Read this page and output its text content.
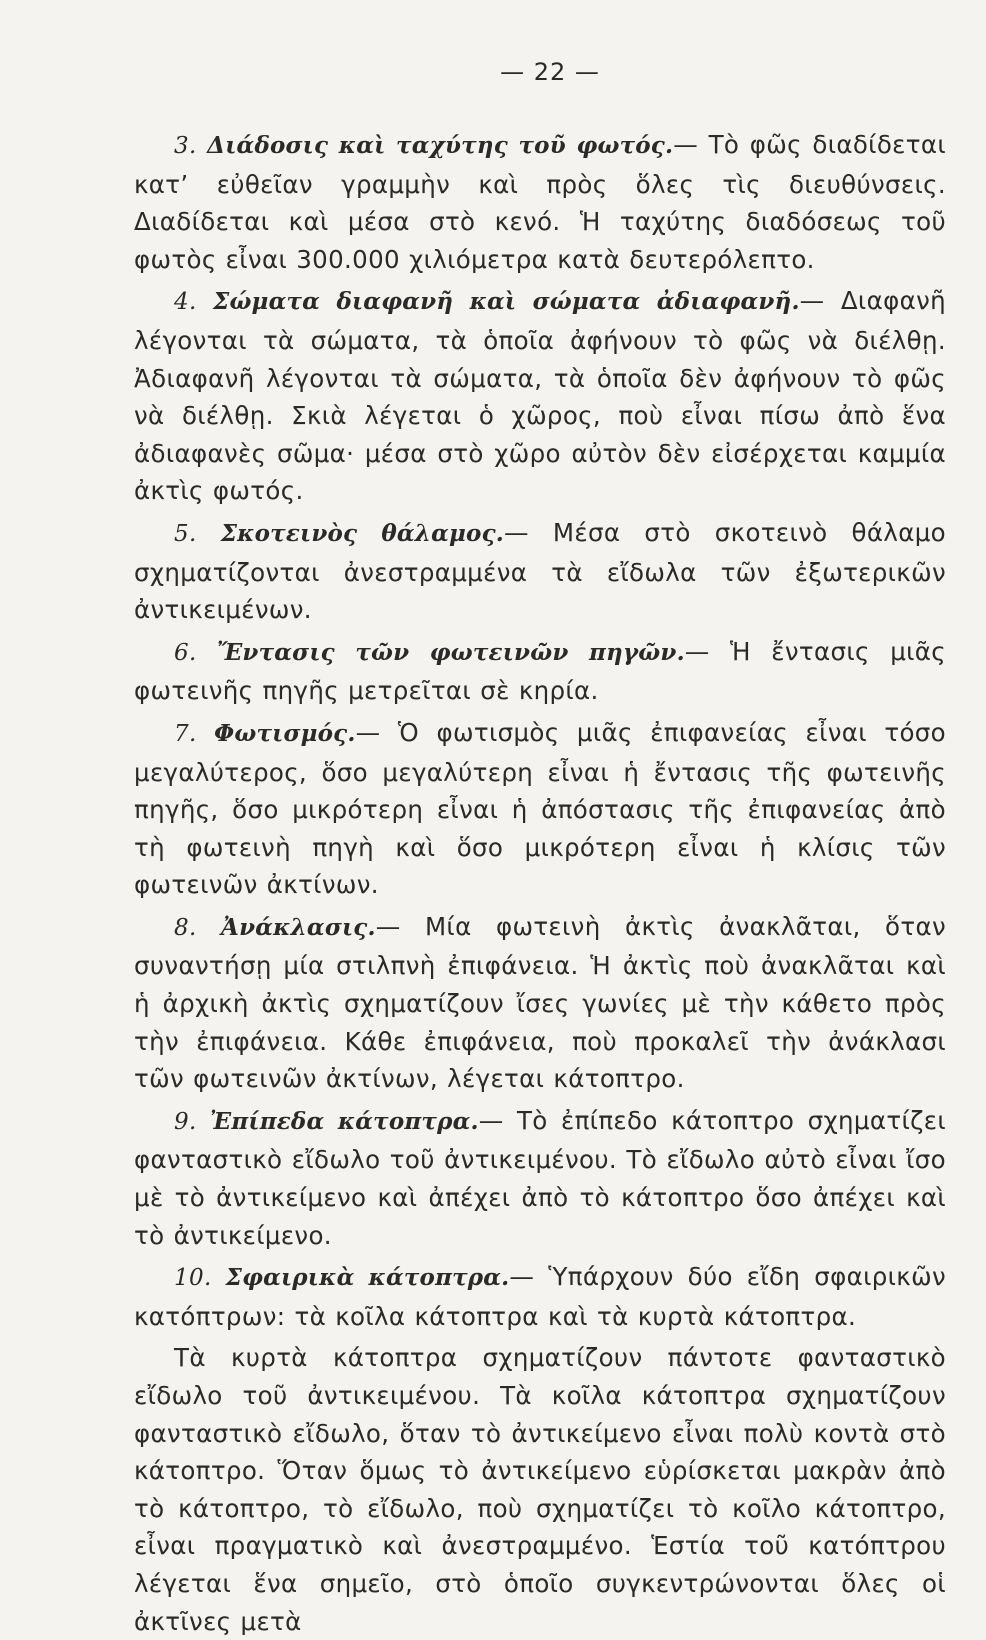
— 22 —

3. Διάδοσις καὶ ταχύτης τοῦ φωτός.— Τὸ φῶς διαδίδεται κατ’ εὐθεῖαν γραμμὴν καὶ πρὸς ὅλες τὶς διευθύνσεις. Διαδίδεται καὶ μέσα στὸ κενό. Ἡ ταχύτης διαδόσεως τοῦ φωτὸς εἶναι 300.000 χιλιόμετρα κατὰ δευτερόλεπτο.

4. Σώματα διαφανῆ καὶ σώματα ἀδιαφανῆ.— Διαφανῆ λέγονται τὰ σώματα, τὰ ὁποῖα ἀφήνουν τὸ φῶς νὰ διέλθῃ. Ἀδιαφανῆ λέγονται τὰ σώματα, τὰ ὁποῖα δὲν ἀφήνουν τὸ φῶς νὰ διέλθῃ. Σκιὰ λέγεται ὁ χῶρος, ποὺ εἶναι πίσω ἀπὸ ἕνα ἀδιαφανὲς σῶμα· μέσα στὸ χῶρο αὐτὸν δὲν εἰσέρχεται καμμία ἀκτὶς φωτός.

5. Σκοτεινὸς θάλαμος.— Μέσα στὸ σκοτεινὸ θάλαμο σχηματίζονται ἀνεστραμμένα τὰ εἴδωλα τῶν ἐξωτερικῶν ἀντικειμένων.

6. Ἔντασις τῶν φωτεινῶν πηγῶν.— Ἡ ἔντασις μιᾶς φωτεινῆς πηγῆς μετρεῖται σὲ κηρία.

7. Φωτισμός.— Ὁ φωτισμὸς μιᾶς ἐπιφανείας εἶναι τόσο μεγαλύτερος, ὅσο μεγαλύτερη εἶναι ἡ ἔντασις τῆς φωτεινῆς πηγῆς, ὅσο μικρότερη εἶναι ἡ ἀπόστασις τῆς ἐπιφανείας ἀπὸ τὴ φωτεινὴ πηγὴ καὶ ὅσο μικρότερη εἶναι ἡ κλίσις τῶν φωτεινῶν ἀκτίνων.

8. Ἀνάκλασις.— Μία φωτεινὴ ἀκτὶς ἀνακλᾶται, ὅταν συναντήσῃ μία στιλπνὴ ἐπιφάνεια. Ἡ ἀκτὶς ποὺ ἀνακλᾶται καὶ ἡ ἀρχικὴ ἀκτὶς σχηματίζουν ἴσες γωνίες μὲ τὴν κάθετο πρὸς τὴν ἐπιφάνεια. Κάθε ἐπιφάνεια, ποὺ προκαλεῖ τὴν ἀνάκλασι τῶν φωτεινῶν ἀκτίνων, λέγεται κάτοπτρο.

9. Ἐπίπεδα κάτοπτρα.— Τὸ ἐπίπεδο κάτοπτρο σχηματίζει φανταστικὸ εἴδωλο τοῦ ἀντικειμένου. Τὸ εἴδωλο αὐτὸ εἶναι ἴσο μὲ τὸ ἀντικείμενο καὶ ἀπέχει ἀπὸ τὸ κάτοπτρο ὅσο ἀπέχει καὶ τὸ ἀντικείμενο.

10. Σφαιρικὰ κάτοπτρα.— Ὑπάρχουν δύο εἴδη σφαιρικῶν κατόπτρων: τὰ κοῖλα κάτοπτρα καὶ τὰ κυρτὰ κάτοπτρα.

Τὰ κυρτὰ κάτοπτρα σχηματίζουν πάντοτε φανταστικὸ εἴδωλο τοῦ ἀντικειμένου. Τὰ κοῖλα κάτοπτρα σχηματίζουν φανταστικὸ εἴδωλο, ὅταν τὸ ἀντικείμενο εἶναι πολὺ κοντὰ στὸ κάτοπτρο. Ὅταν ὅμως τὸ ἀντικείμενο εὑρίσκεται μακρὰν ἀπὸ τὸ κάτοπτρο, τὸ εἴδωλο, ποὺ σχηματίζει τὸ κοῖλο κάτοπτρο, εἶναι πραγματικὸ καὶ ἀνεστραμμένο. Ἑστία τοῦ κατόπτρου λέγεται ἕνα σημεῖο, στὸ ὁποῖο συγκεντρώνονται ὅλες οἱ ἀκτῖνες μετὰ
